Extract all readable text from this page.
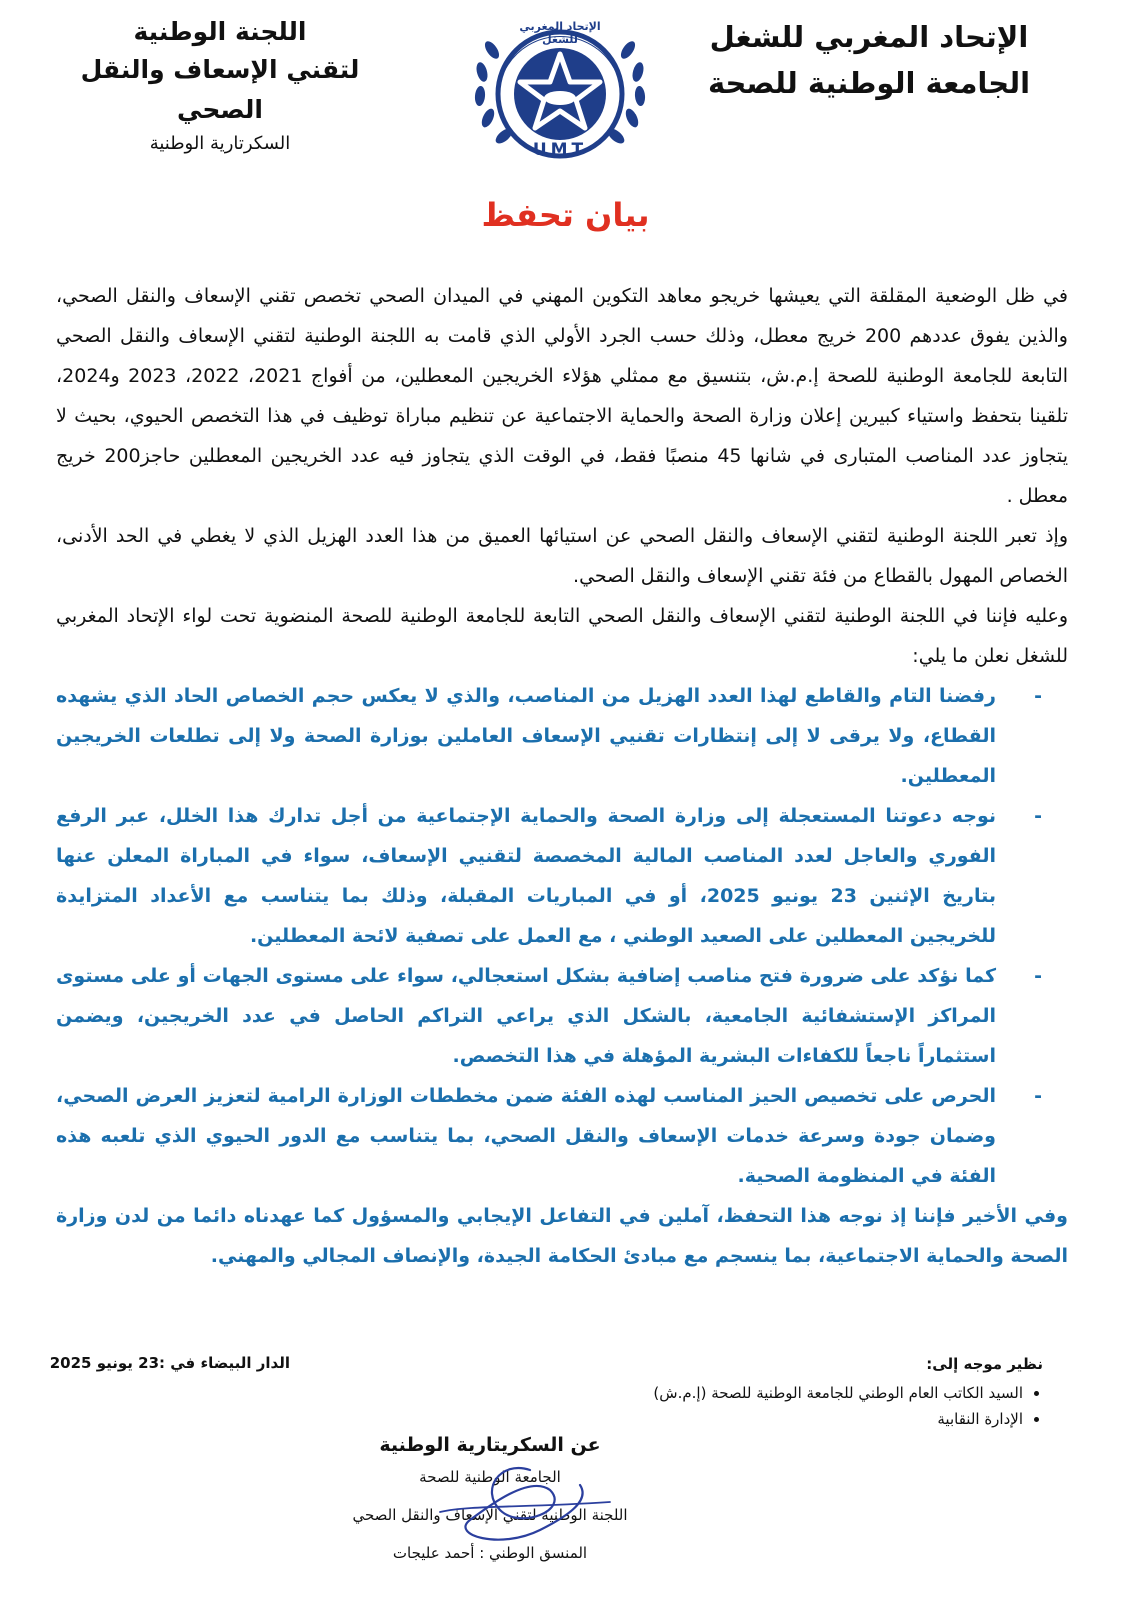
الإتحاد المغربي للشغل
الجامعة الوطنية للصحة
الإتحاد المغربي للشغل
UMT
اللجنة الوطنية
لتقني الإسعاف والنقل الصحي
السكرتارية الوطنية
بيان تحفظ

في ظل الوضعية المقلقة التي يعيشها خريجو معاهد التكوين المهني في الميدان الصحي تخصص تقني الإسعاف والنقل الصحي، والذين يفوق عددهم 200 خريج معطل، وذلك حسب الجرد الأولي الذي قامت به اللجنة الوطنية لتقني الإسعاف والنقل الصحي التابعة للجامعة الوطنية للصحة إ.م.ش، بتنسيق مع ممثلي هؤلاء الخريجين المعطلين، من أفواج 2021، 2022، 2023 و2024، تلقينا بتحفظ واستياء كبيرين إعلان وزارة الصحة والحماية الاجتماعية عن تنظيم مباراة توظيف في هذا التخصص الحيوي، بحيث لا يتجاوز عدد المناصب المتبارى في شانها 45 منصبًا فقط، في الوقت الذي يتجاوز فيه عدد الخريجين المعطلين حاجز200 خريج معطل .

وإذ تعبر اللجنة الوطنية لتقني الإسعاف والنقل الصحي عن استيائها العميق من هذا العدد الهزيل الذي لا يغطي في الحد الأدنى، الخصاص المهول بالقطاع من فئة تقني الإسعاف والنقل الصحي.

وعليه فإننا في اللجنة الوطنية لتقني الإسعاف والنقل الصحي التابعة للجامعة الوطنية للصحة المنضوية تحت لواء الإتحاد المغربي للشغل نعلن ما يلي:

-
رفضنا التام والقاطع لهذا العدد الهزيل من المناصب، والذي لا يعكس حجم الخصاص الحاد الذي يشهده القطاع، ولا يرقى لا إلى إنتظارات تقنيي الإسعاف العاملين بوزارة الصحة ولا إلى تطلعات الخريجين المعطلين.
-
نوجه دعوتنا المستعجلة إلى وزارة الصحة والحماية الإجتماعية من أجل تدارك هذا الخلل، عبر الرفع الفوري والعاجل لعدد المناصب المالية المخصصة لتقنيي الإسعاف، سواء في المباراة المعلن عنها بتاريخ الإثنين 23 يونيو 2025، أو في المباريات المقبلة، وذلك بما يتناسب مع الأعداد المتزايدة للخريجين المعطلين على الصعيد الوطني ، مع العمل على تصفية لائحة المعطلين.
-
كما نؤكد على ضرورة فتح مناصب إضافية بشكل استعجالي، سواء على مستوى الجهات أو على مستوى المراكز الإستشفائية الجامعية، بالشكل الذي يراعي التراكم الحاصل في عدد الخريجين، ويضمن استثماراً ناجعاً للكفاءات البشرية المؤهلة في هذا التخصص.
-
الحرص على تخصيص الحيز المناسب لهذه الفئة ضمن مخططات الوزارة الرامية لتعزيز العرض الصحي، وضمان جودة وسرعة خدمات الإسعاف والنقل الصحي، بما يتناسب مع الدور الحيوي الذي تلعبه هذه الفئة في المنظومة الصحية.

وفي الأخير فإننا إذ نوجه هذا التحفظ، آملين في التفاعل الإيجابي والمسؤول كما عهدناه دائما من لدن وزارة الصحة والحماية الاجتماعية، بما ينسجم مع مبادئ الحكامة الجيدة، والإنصاف المجالي والمهني.

الدار البيضاء في :23 يونيو 2025	نظير موجه إلى:
• السيد الكاتب العام الوطني للجامعة الوطنية للصحة (إ.م.ش)
• الإدارة النقابية
عن السكريتارية الوطنية
الجامعة الوطنية للصحة
اللجنة الوطنية لتقني الإسعاف والنقل الصحي
المنسق الوطني : أحمد عليجات
